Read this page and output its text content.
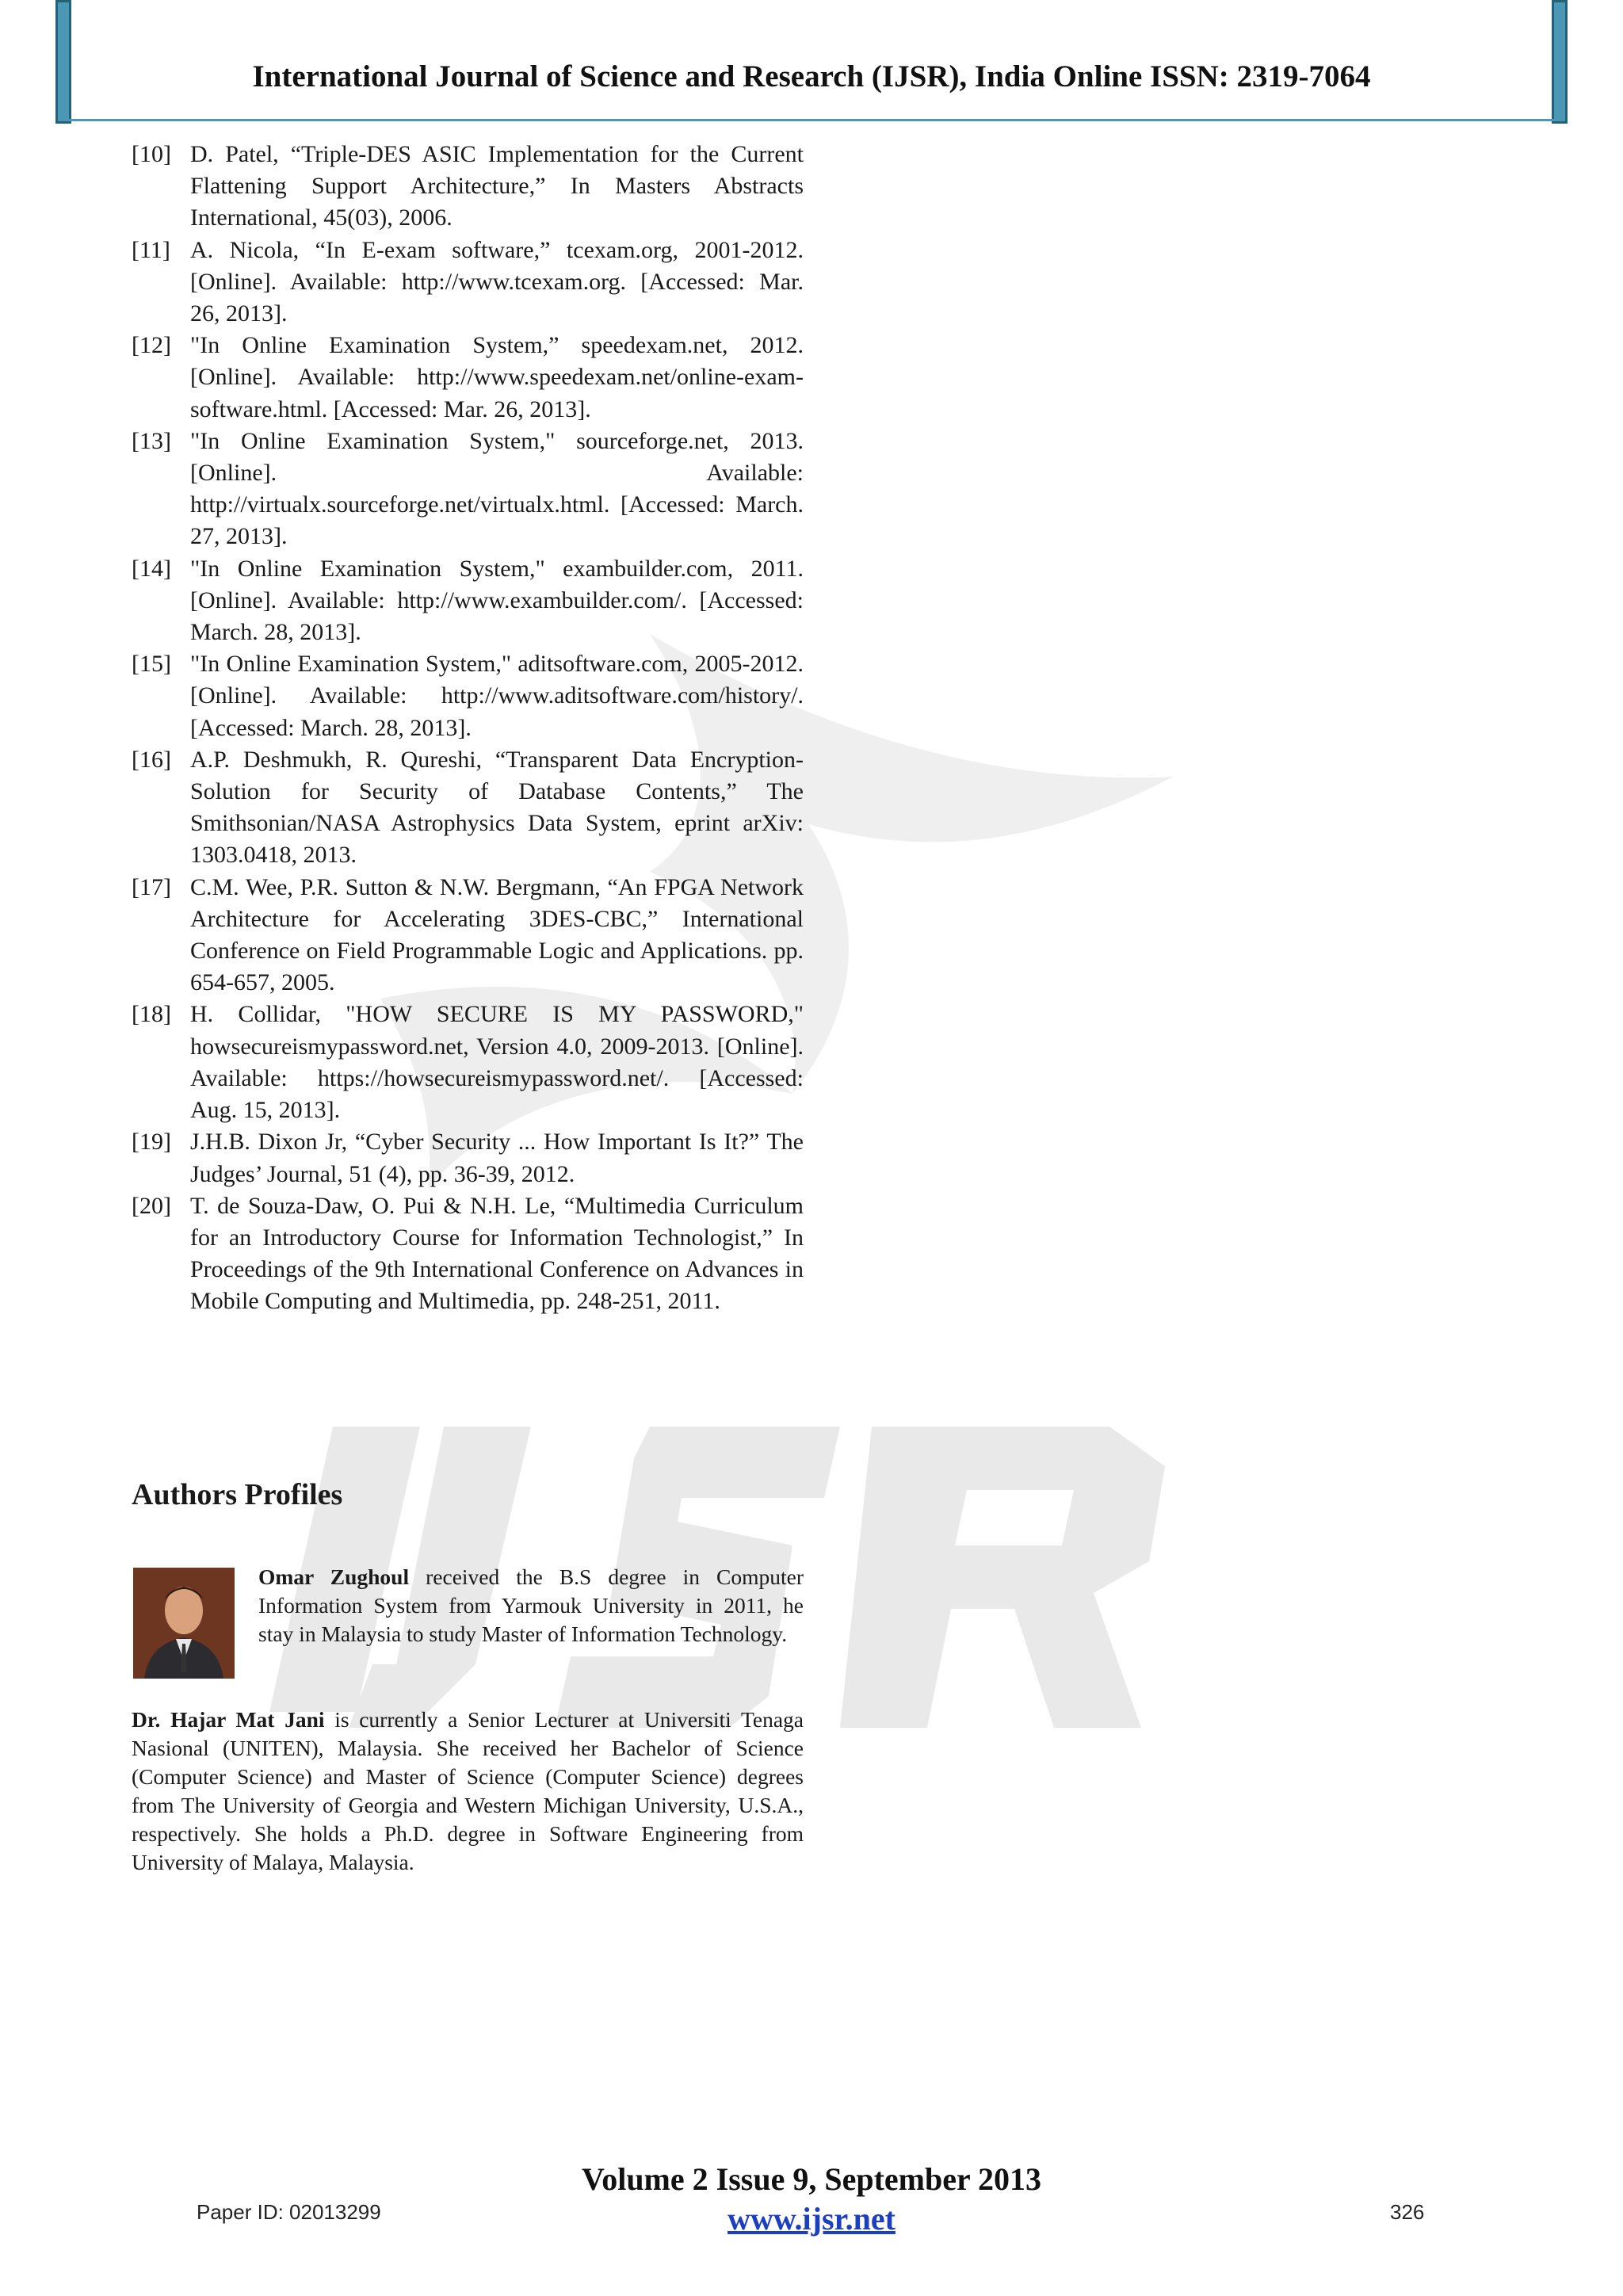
International Journal of Science and Research (IJSR), India Online ISSN: 2319-7064

[10] D. Patel, “Triple-DES ASIC Implementation for the Current Flattening Support Architecture,” In Masters Abstracts International, 45(03), 2006.

[11] A. Nicola, “In E-exam software,” tcexam.org, 2001-2012. [Online]. Available: http://www.tcexam.org. [Accessed: Mar. 26, 2013].

[12] "In Online Examination System,” speedexam.net, 2012. [Online]. Available: http://www.speedexam.net/online-exam-software.html. [Accessed: Mar. 26, 2013].

[13] "In Online Examination System," sourceforge.net, 2013. [Online]. Available: http://virtualx.sourceforge.net/virtualx.html. [Accessed: March. 27, 2013].

[14] "In Online Examination System," exambuilder.com, 2011. [Online]. Available: http://www.exambuilder.com/. [Accessed: March. 28, 2013].

[15] "In Online Examination System," aditsoftware.com, 2005-2012. [Online]. Available: http://www.aditsoftware.com/history/. [Accessed: March. 28, 2013].

[16] A.P. Deshmukh, R. Qureshi, “Transparent Data Encryption-Solution for Security of Database Contents,” The Smithsonian/NASA Astrophysics Data System, eprint arXiv: 1303.0418, 2013.

[17] C.M. Wee, P.R. Sutton & N.W. Bergmann, “An FPGA Network Architecture for Accelerating 3DES-CBC,” International Conference on Field Programmable Logic and Applications. pp. 654-657, 2005.

[18] H. Collidar, "HOW SECURE IS MY PASSWORD," howsecureismypassword.net, Version 4.0, 2009-2013. [Online]. Available: https://howsecureismypassword.net/. [Accessed: Aug. 15, 2013].

[19] J.H.B. Dixon Jr, “Cyber Security ... How Important Is It?” The Judges’ Journal, 51 (4), pp. 36-39, 2012.

[20] T. de Souza-Daw, O. Pui & N.H. Le, “Multimedia Curriculum for an Introductory Course for Information Technologist,” In Proceedings of the 9th International Conference on Advances in Mobile Computing and Multimedia, pp. 248-251, 2011.

Authors Profiles
Omar Zughoul received the B.S degree in Computer Information System from Yarmouk University in 2011, he stay in Malaysia to study Master of Information Technology.
Dr. Hajar Mat Jani is currently a Senior Lecturer at Universiti Tenaga Nasional (UNITEN), Malaysia. She received her Bachelor of Science (Computer Science) and Master of Science (Computer Science) degrees from The University of Georgia and Western Michigan University, U.S.A., respectively. She holds a Ph.D. degree in Software Engineering from University of Malaya, Malaysia.
Volume 2 Issue 9, September 2013
Paper ID: 02013299	www.ijsr.net	326
